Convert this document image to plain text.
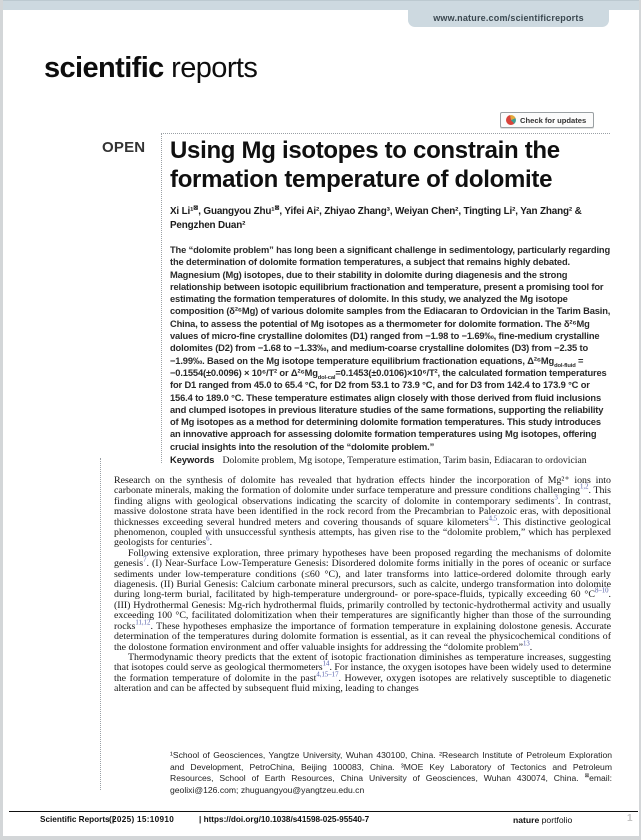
www.nature.com/scientificreports
scientific reports
Check for updates
OPEN Using Mg isotopes to constrain the formation temperature of dolomite
Xi Li¹⊠, Guangyou Zhu¹⊠, Yifei Ai², Zhiyao Zhang³, Weiyan Chen², Tingting Li², Yan Zhang² & Pengzhen Duan²
The “dolomite problem” has long been a significant challenge in sedimentology, particularly regarding the determination of dolomite formation temperatures, a subject that remains highly debated. Magnesium (Mg) isotopes, due to their stability in dolomite during diagenesis and the strong relationship between isotopic equilibrium fractionation and temperature, present a promising tool for estimating the formation temperatures of dolomite. In this study, we analyzed the Mg isotope composition (δ²⁶Mg) of various dolomite samples from the Ediacaran to Ordovician in the Tarim Basin, China, to assess the potential of Mg isotopes as a thermometer for dolomite formation. The δ²⁶Mg values of micro-fine crystalline dolomites (D1) ranged from −1.98 to −1.69‰, fine-medium crystalline dolomites (D2) from −1.68 to −1.33‰, and medium-coarse crystalline dolomites (D3) from −2.35 to −1.99‰. Based on the Mg isotope temperature equilibrium fractionation equations, $\Delta^{26}Mg_{dol-fluid} = -0.1554(\pm 0.0096) \times 10^6/T^2$ or $\Delta^{26}Mg_{dol-cal}=0.1453(\pm 0.0106)\times 10^6/T^2$, the calculated formation temperatures for D1 ranged from 45.0 to 65.4 °C, for D2 from 53.1 to 73.9 °C, and for D3 from 142.4 to 173.9 °C or 156.4 to 189.0 °C. These temperature estimates align closely with those derived from fluid inclusions and clumped isotopes in previous literature studies of the same formations, supporting the reliability of Mg isotopes as a method for determining dolomite formation temperatures. This study introduces an innovative approach for assessing dolomite formation temperatures using Mg isotopes, offering crucial insights into the resolution of the “dolomite problem.”
Keywords Dolomite problem, Mg isotope, Temperature estimation, Tarim basin, Ediacaran to ordovician

Research on the synthesis of dolomite has revealed that hydration effects hinder the incorporation of Mg²⁺ ions into carbonate minerals, making the formation of dolomite under surface temperature and pressure conditions challenging$^{1,2}$. This finding aligns with geological observations indicating the scarcity of dolomite in contemporary sediments$^3$. In contrast, massive dolostone strata have been identified in the rock record from the Precambrian to Paleozoic eras, with depositional thicknesses exceeding several hundred meters and covering thousands of square kilometers$^{4,5}$. This distinctive geological phenomenon, coupled with unsuccessful synthesis attempts, has given rise to the “dolomite problem,” which has perplexed geologists for centuries$^6$.

Following extensive exploration, three primary hypotheses have been proposed regarding the mechanisms of dolomite genesis$^7$. (I) Near-Surface Low-Temperature Genesis: Disordered dolomite forms initially in the pores of oceanic or surface sediments under low-temperature conditions (≤60 °C), and later transforms into lattice-ordered dolomite through early diagenesis. (II) Burial Genesis: Calcium carbonate mineral precursors, such as calcite, undergo transformation into dolomite during long-term burial, facilitated by high-temperature underground- or pore-space-fluids, typically exceeding 60 °C$^{8-10}$. (III) Hydrothermal Genesis: Mg-rich hydrothermal fluids, primarily controlled by tectonic-hydrothermal activity and usually exceeding 100 °C, facilitated dolomitization when their temperatures are significantly higher than those of the surrounding rocks$^{11,12}$. These hypotheses emphasize the importance of formation temperature in explaining dolostone genesis. Accurate determination of the temperatures during dolomite formation is essential, as it can reveal the physicochemical conditions of the dolostone formation environment and offer valuable insights for addressing the “dolomite problem”$^{13}$.

Thermodynamic theory predicts that the extent of isotopic fractionation diminishes as temperature increases, suggesting that isotopes could serve as geological thermometers$^{14}$. For instance, the oxygen isotopes have been widely used to determine the formation temperature of dolomite in the past$^{4,15-17}$. However, oxygen isotopes are relatively susceptible to diagenetic alteration and can be affected by subsequent fluid mixing, leading to changes

¹School of Geosciences, Yangtze University, Wuhan 430100, China. ²Research Institute of Petroleum Exploration and Development, PetroChina, Beijing 100083, China. ³MOE Key Laboratory of Tectonics and Petroleum Resources, School of Earth Resources, China University of Geosciences, Wuhan 430074, China. ⊠email: geolixi@126.com; zhuguangyou@yangtzeu.edu.cn
Scientific Reports |
(2025) 15:10910	| https://doi.org/10.1038/s41598-025-95540-7	nature portfolio	1
